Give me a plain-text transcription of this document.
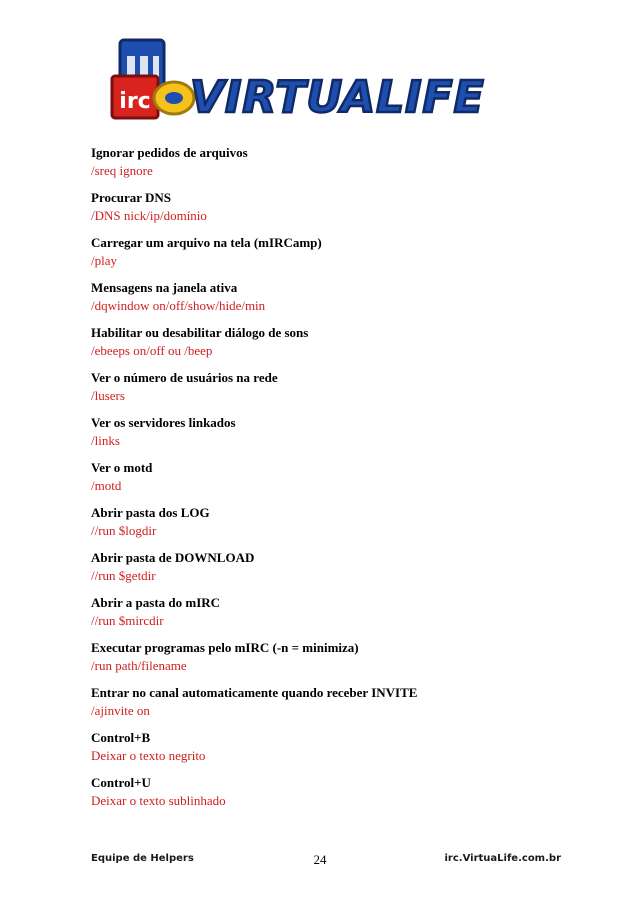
irc VIRTUALIFE
Ignorar pedidos de arquivos
/sreq ignore
Procurar DNS
/DNS nick/ip/domínio
Carregar um arquivo na tela (mIRCamp)
/play
Mensagens na janela ativa
/dqwindow on/off/show/hide/min
Habilitar ou desabilitar diálogo de sons
/ebeeps on/off ou /beep
Ver o número de usuários na rede
/lusers
Ver os servidores linkados
/links
Ver o motd
/motd
Abrir pasta dos LOG
//run $logdir
Abrir pasta de DOWNLOAD
//run $getdir
Abrir a pasta do mIRC
//run $mircdir
Executar programas pelo mIRC (-n = minimiza)
/run path/filename
Entrar no canal automaticamente quando receber INVITE
/ajinvite on
Control+B
Deixar o texto negrito
Control+U
Deixar o texto sublinhado
Equipe de Helpers	24	irc.VirtuaLife.com.br
